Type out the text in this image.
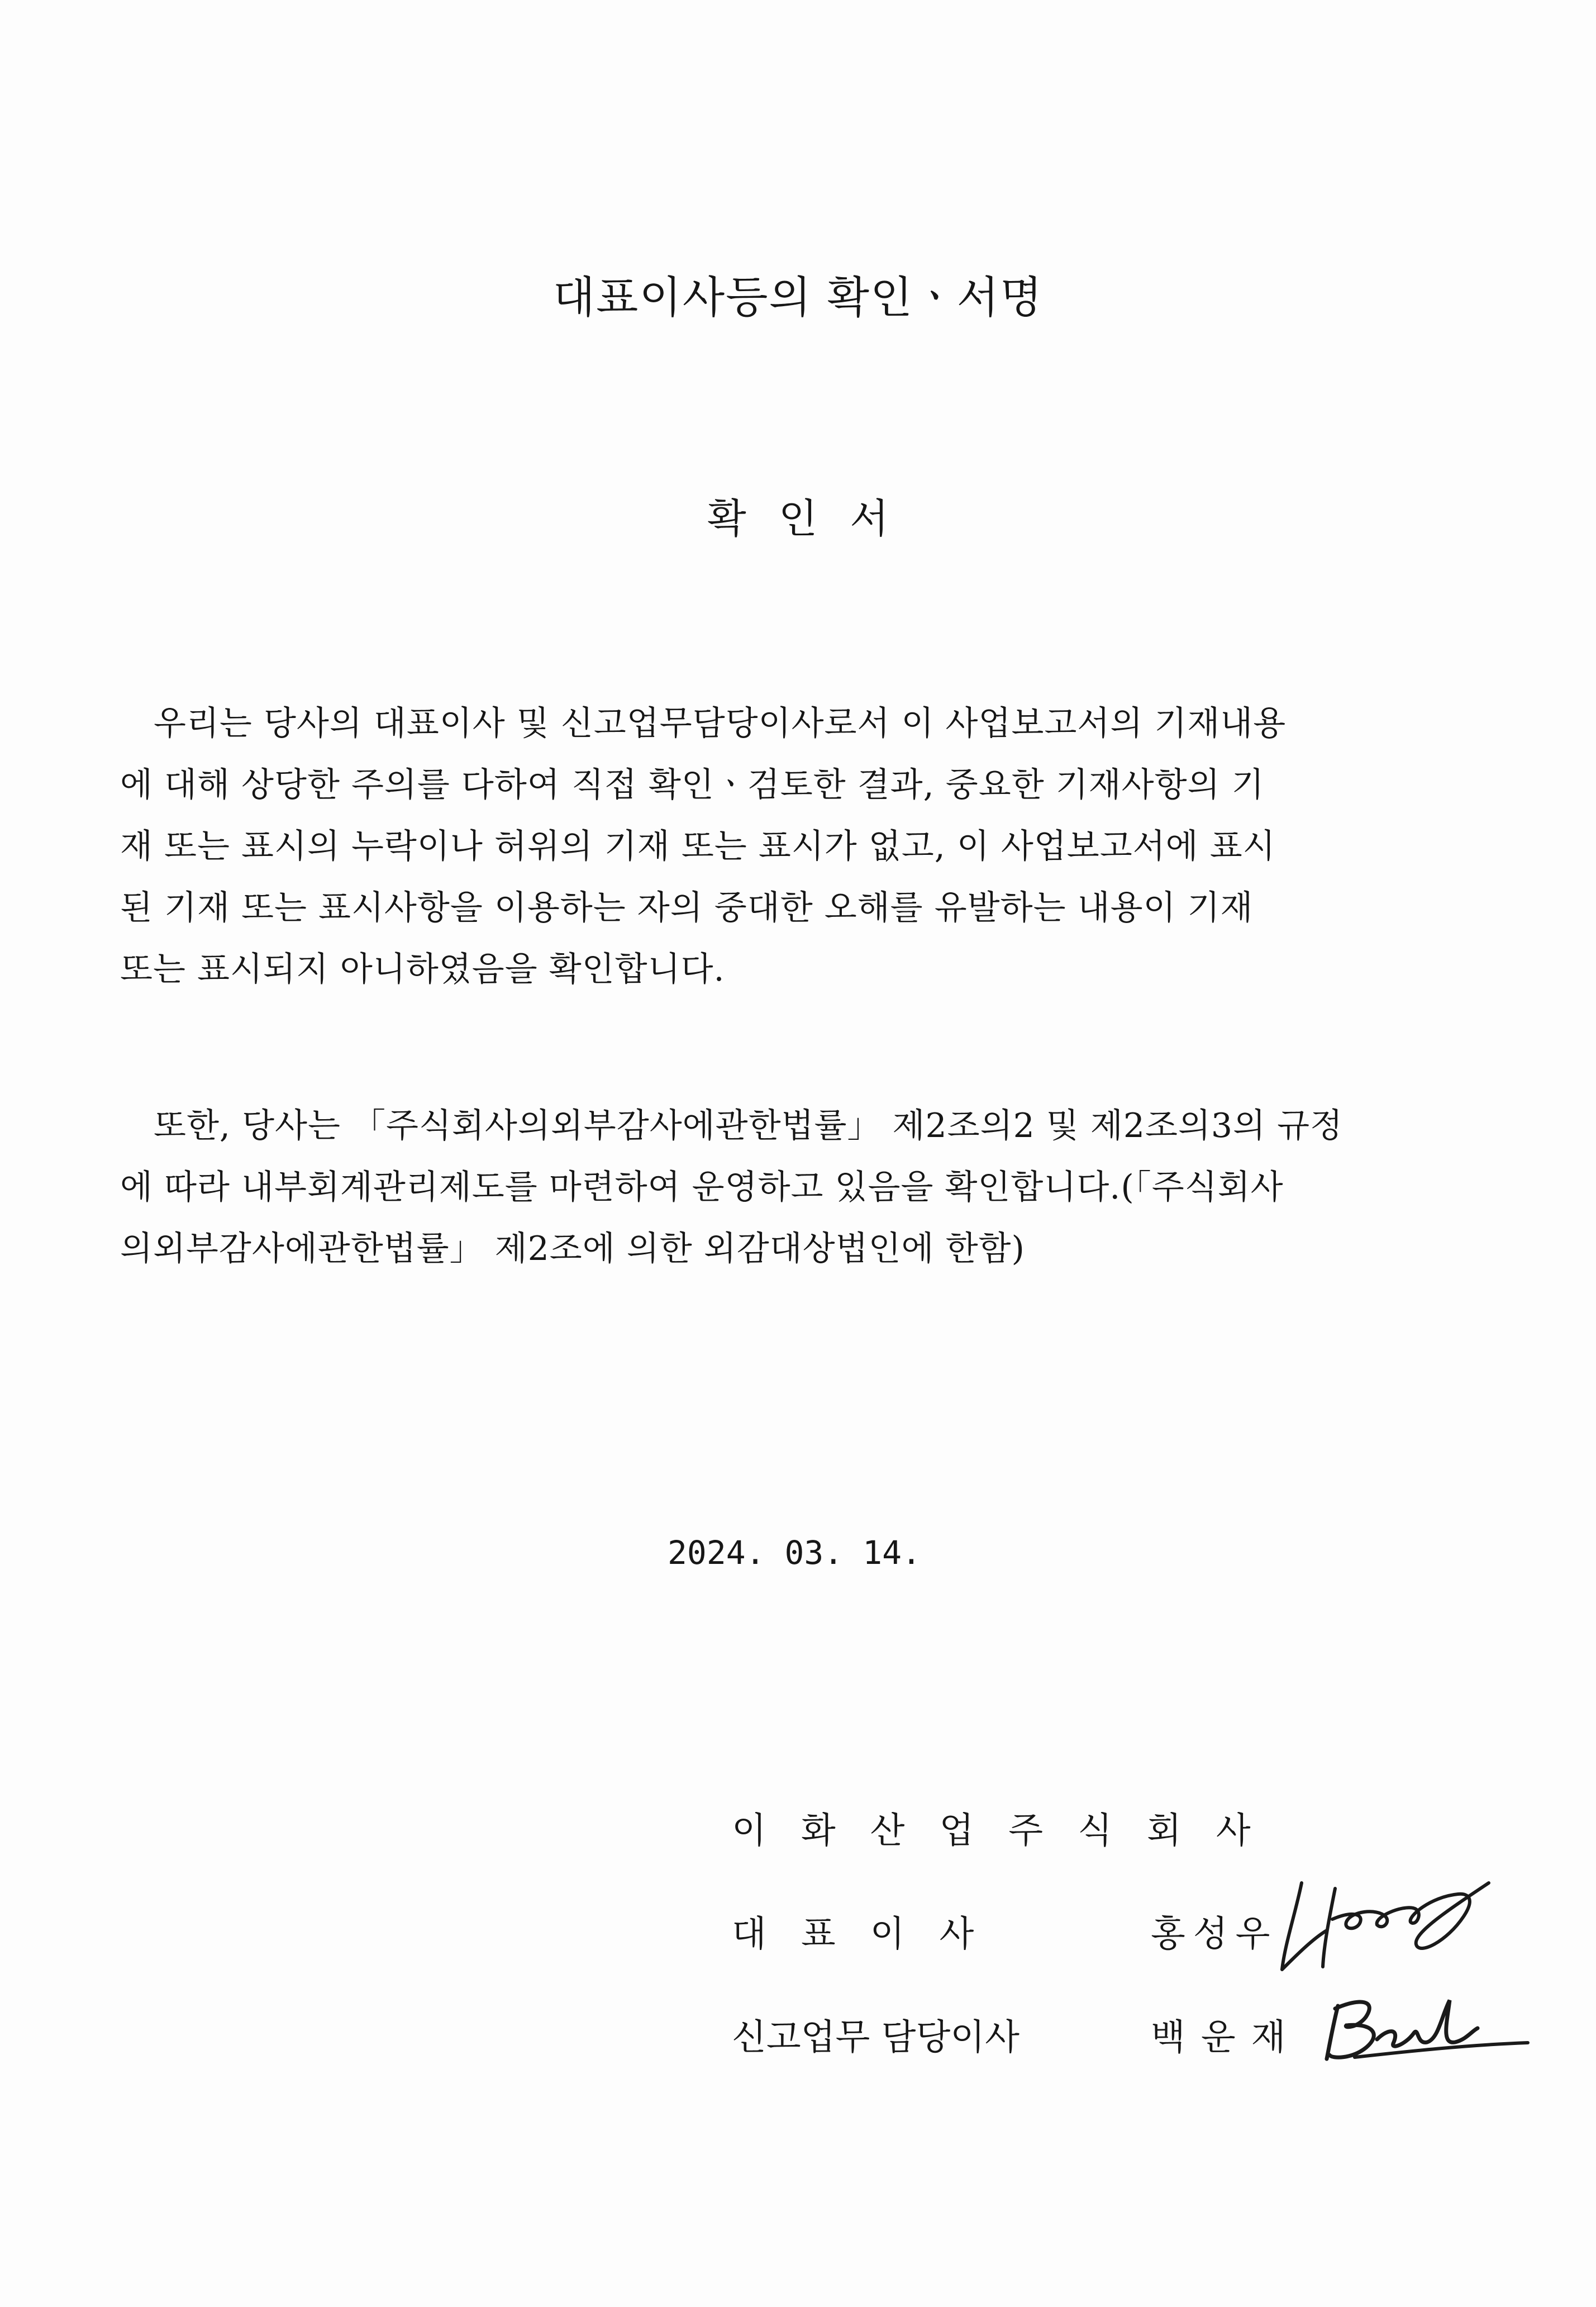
대표이사등의 확인ㆍ서명
확인서
우리는 당사의 대표이사 및 신고업무담당이사로서 이 사업보고서의 기재내용
에 대해 상당한 주의를 다하여 직접 확인ㆍ검토한 결과, 중요한 기재사항의 기
재 또는 표시의 누락이나 허위의 기재 또는 표시가 없고, 이 사업보고서에 표시
된 기재 또는 표시사항을 이용하는 자의 중대한 오해를 유발하는 내용이 기재
또는 표시되지 아니하였음을 확인합니다.
또한, 당사는 「주식회사의외부감사에관한법률」 제2조의2 및 제2조의3의 규정
에 따라 내부회계관리제도를 마련하여 운영하고 있음을 확인합니다.(「주식회사
의외부감사에관한법률」 제2조에 의한 외감대상법인에 한함)
2024. 03. 14.
이화산업주식회사
대표이사	홍성우
신고업무 담당이사	백운재
